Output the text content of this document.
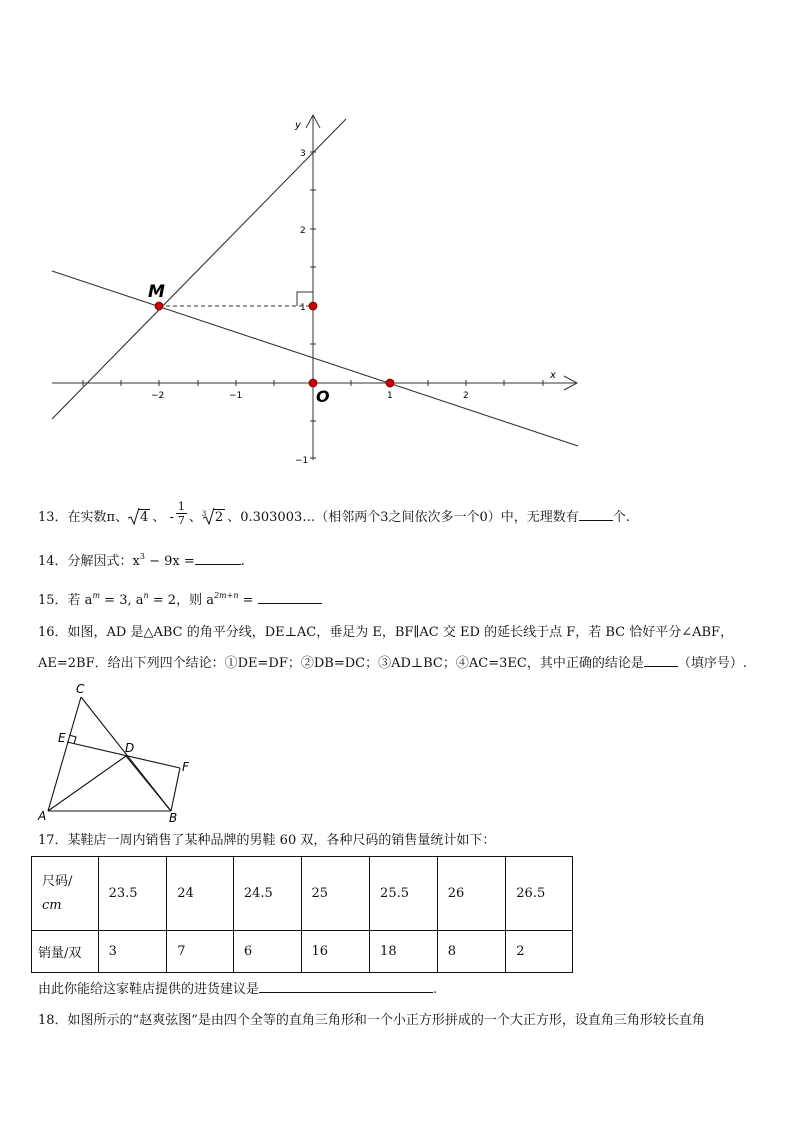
−2	−1	1	2
3
2
1
−1
x
y
M
O
13．在实数π、 4 、 - $\frac{1}{7}$ 、 3 2 、0.303003…（相邻两个3之间依次多一个0）中，无理数有	个.
14．分解因式：$x^3 - 9x$ =	.
15．若 $a^m = 3$, $a^n = 2$，则 $a^{2m+n}$ =
16．如图，AD 是△ABC 的角平分线，DE⊥AC，垂足为 E，BF∥AC 交 ED 的延长线于点 F，若 BC 恰好平分∠ABF，
AE=2BF．给出下列四个结论：①DE=DF；②DB=DC；③AD⊥BC；④AC=3EC，其中正确的结论是	（填序号）.
C
E
D
F
A	B
17．某鞋店一周内销售了某种品牌的男鞋 60 双，各种尺码的销售量统计如下：
尺码/
cm	23.5	24	24.5	25	25.5	26	26.5
销量/双	3	7	6	16	18	8	2
由此你能给这家鞋店提供的进货建议是	.
18．如图所示的“赵爽弦图”是由四个全等的直角三角形和一个小正方形拼成的一个大正方形，设直角三角形较长直角
